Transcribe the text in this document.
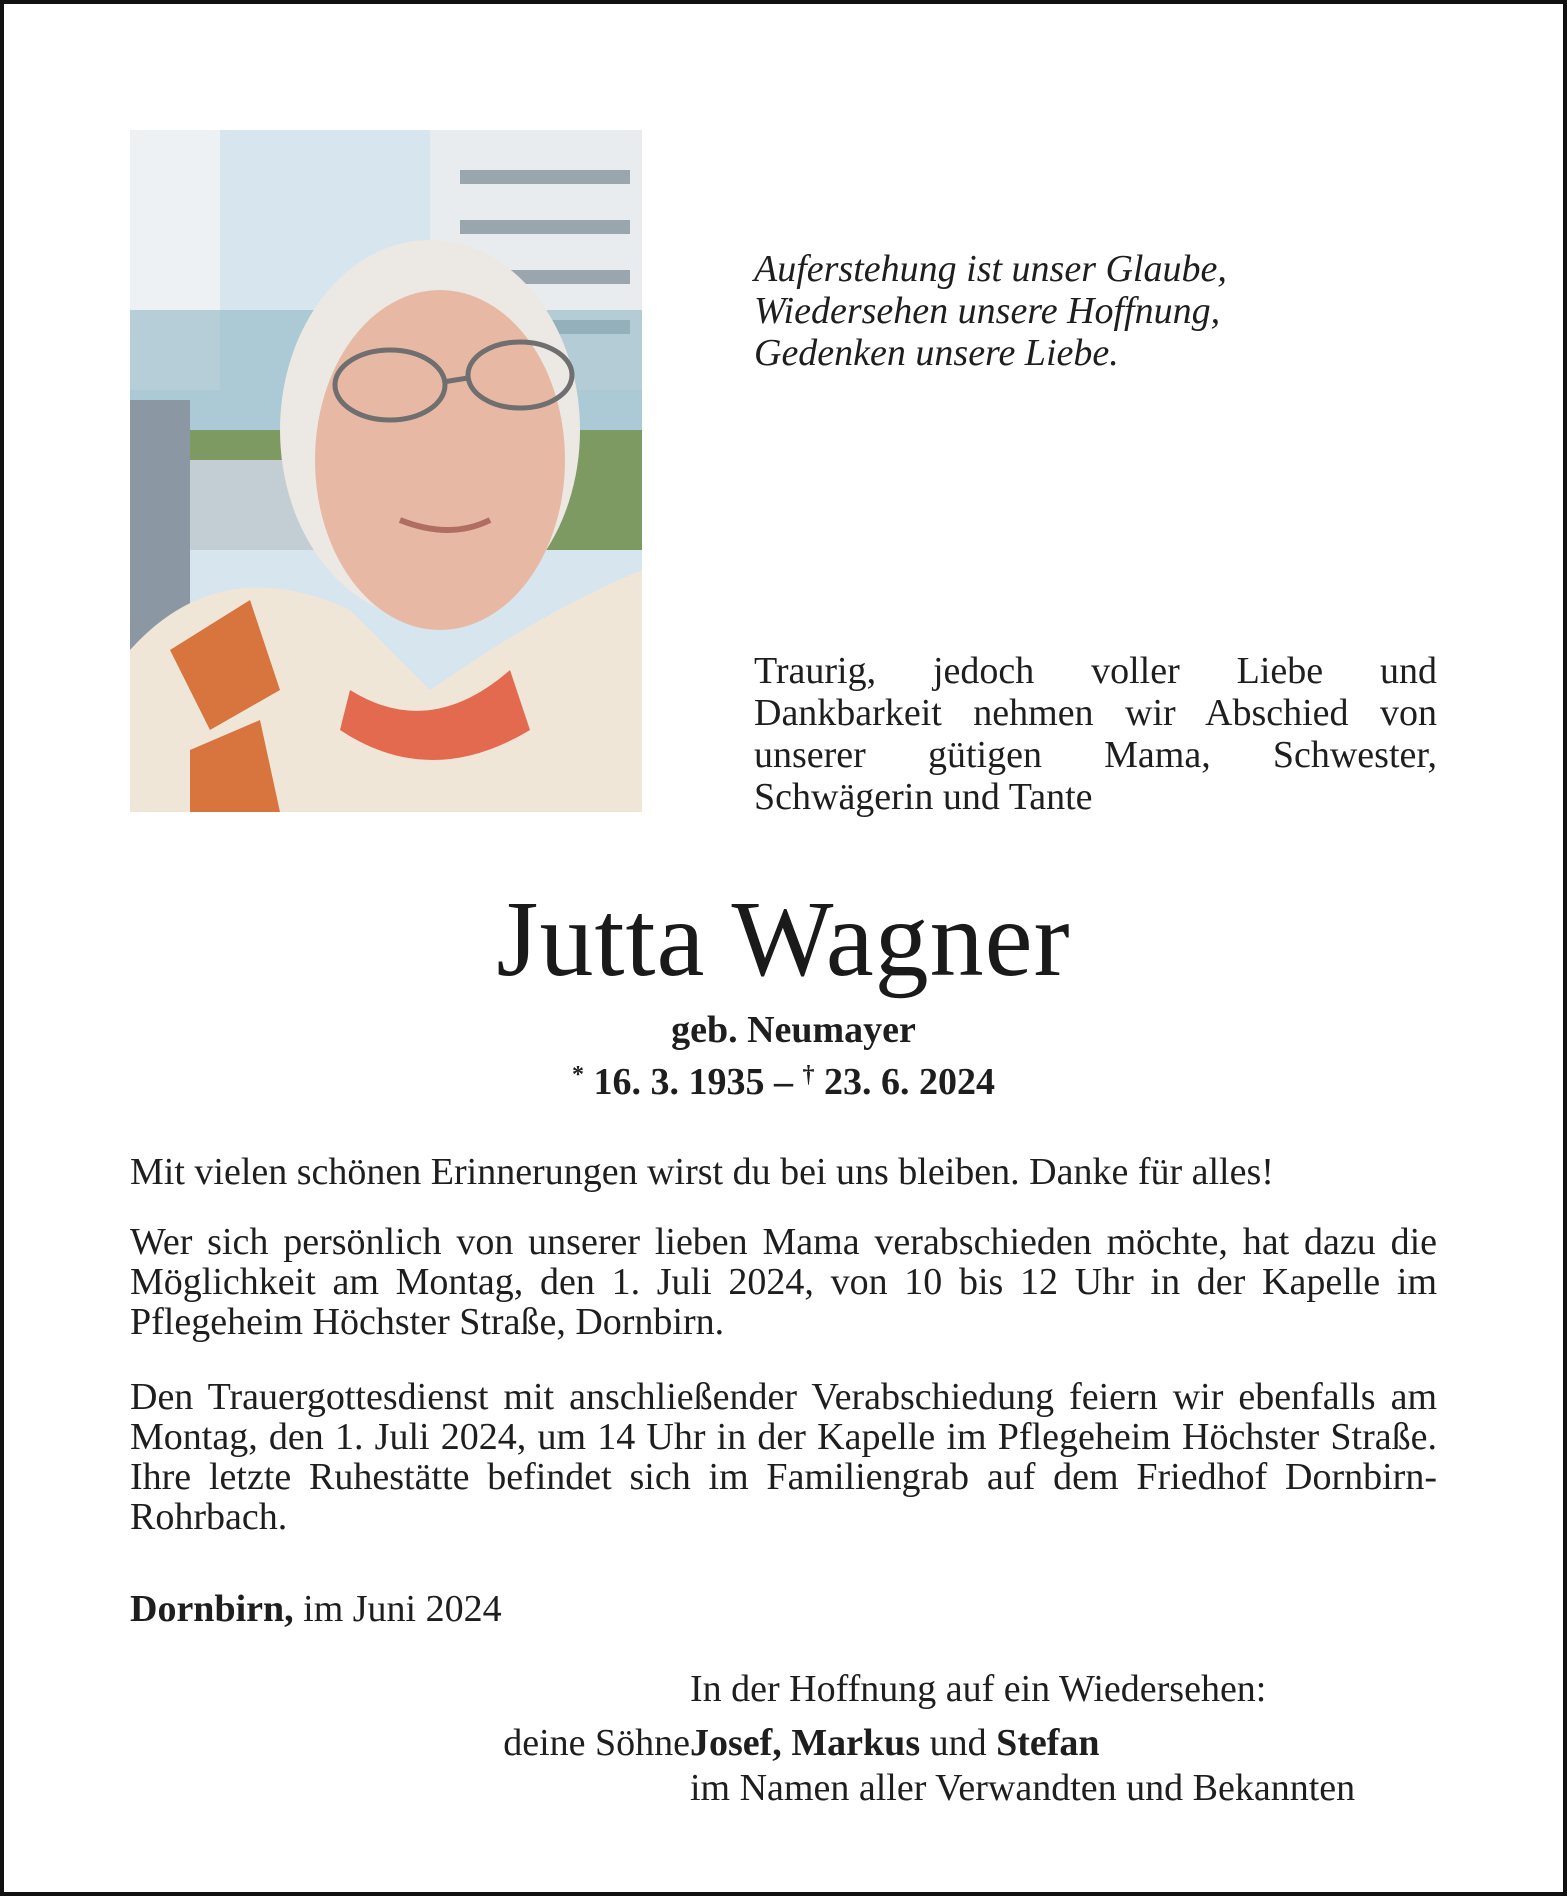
Auferstehung ist unser Glaube,
Wiedersehen unsere Hoffnung,
Gedenken unsere Liebe.

Traurig, jedoch voller Liebe und Dankbarkeit nehmen wir Abschied von unserer gütigen Mama, Schwester, Schwägerin und Tante

Jutta Wagner
geb. Neumayer
* 16. 3. 1935 – † 23. 6. 2024

Mit vielen schönen Erinnerungen wirst du bei uns bleiben. Danke für alles!

Wer sich persönlich von unserer lieben Mama verabschieden möchte, hat dazu die Möglichkeit am Montag, den 1. Juli 2024, von 10 bis 12 Uhr in der Kapelle im Pflegeheim Höchster Straße, Dornbirn.

Den Trauergottesdienst mit anschließender Verabschiedung feiern wir ebenfalls am Montag, den 1. Juli 2024, um 14 Uhr in der Kapelle im Pflegeheim Höchster Straße. Ihre letzte Ruhestätte befindet sich im Familiengrab auf dem Friedhof Dornbirn-Rohrbach.

Dornbirn, im Juni 2024
In der Hoffnung auf ein Wiedersehen:
deine Söhne Josef, Markus und Stefan
im Namen aller Verwandten und Bekannten
